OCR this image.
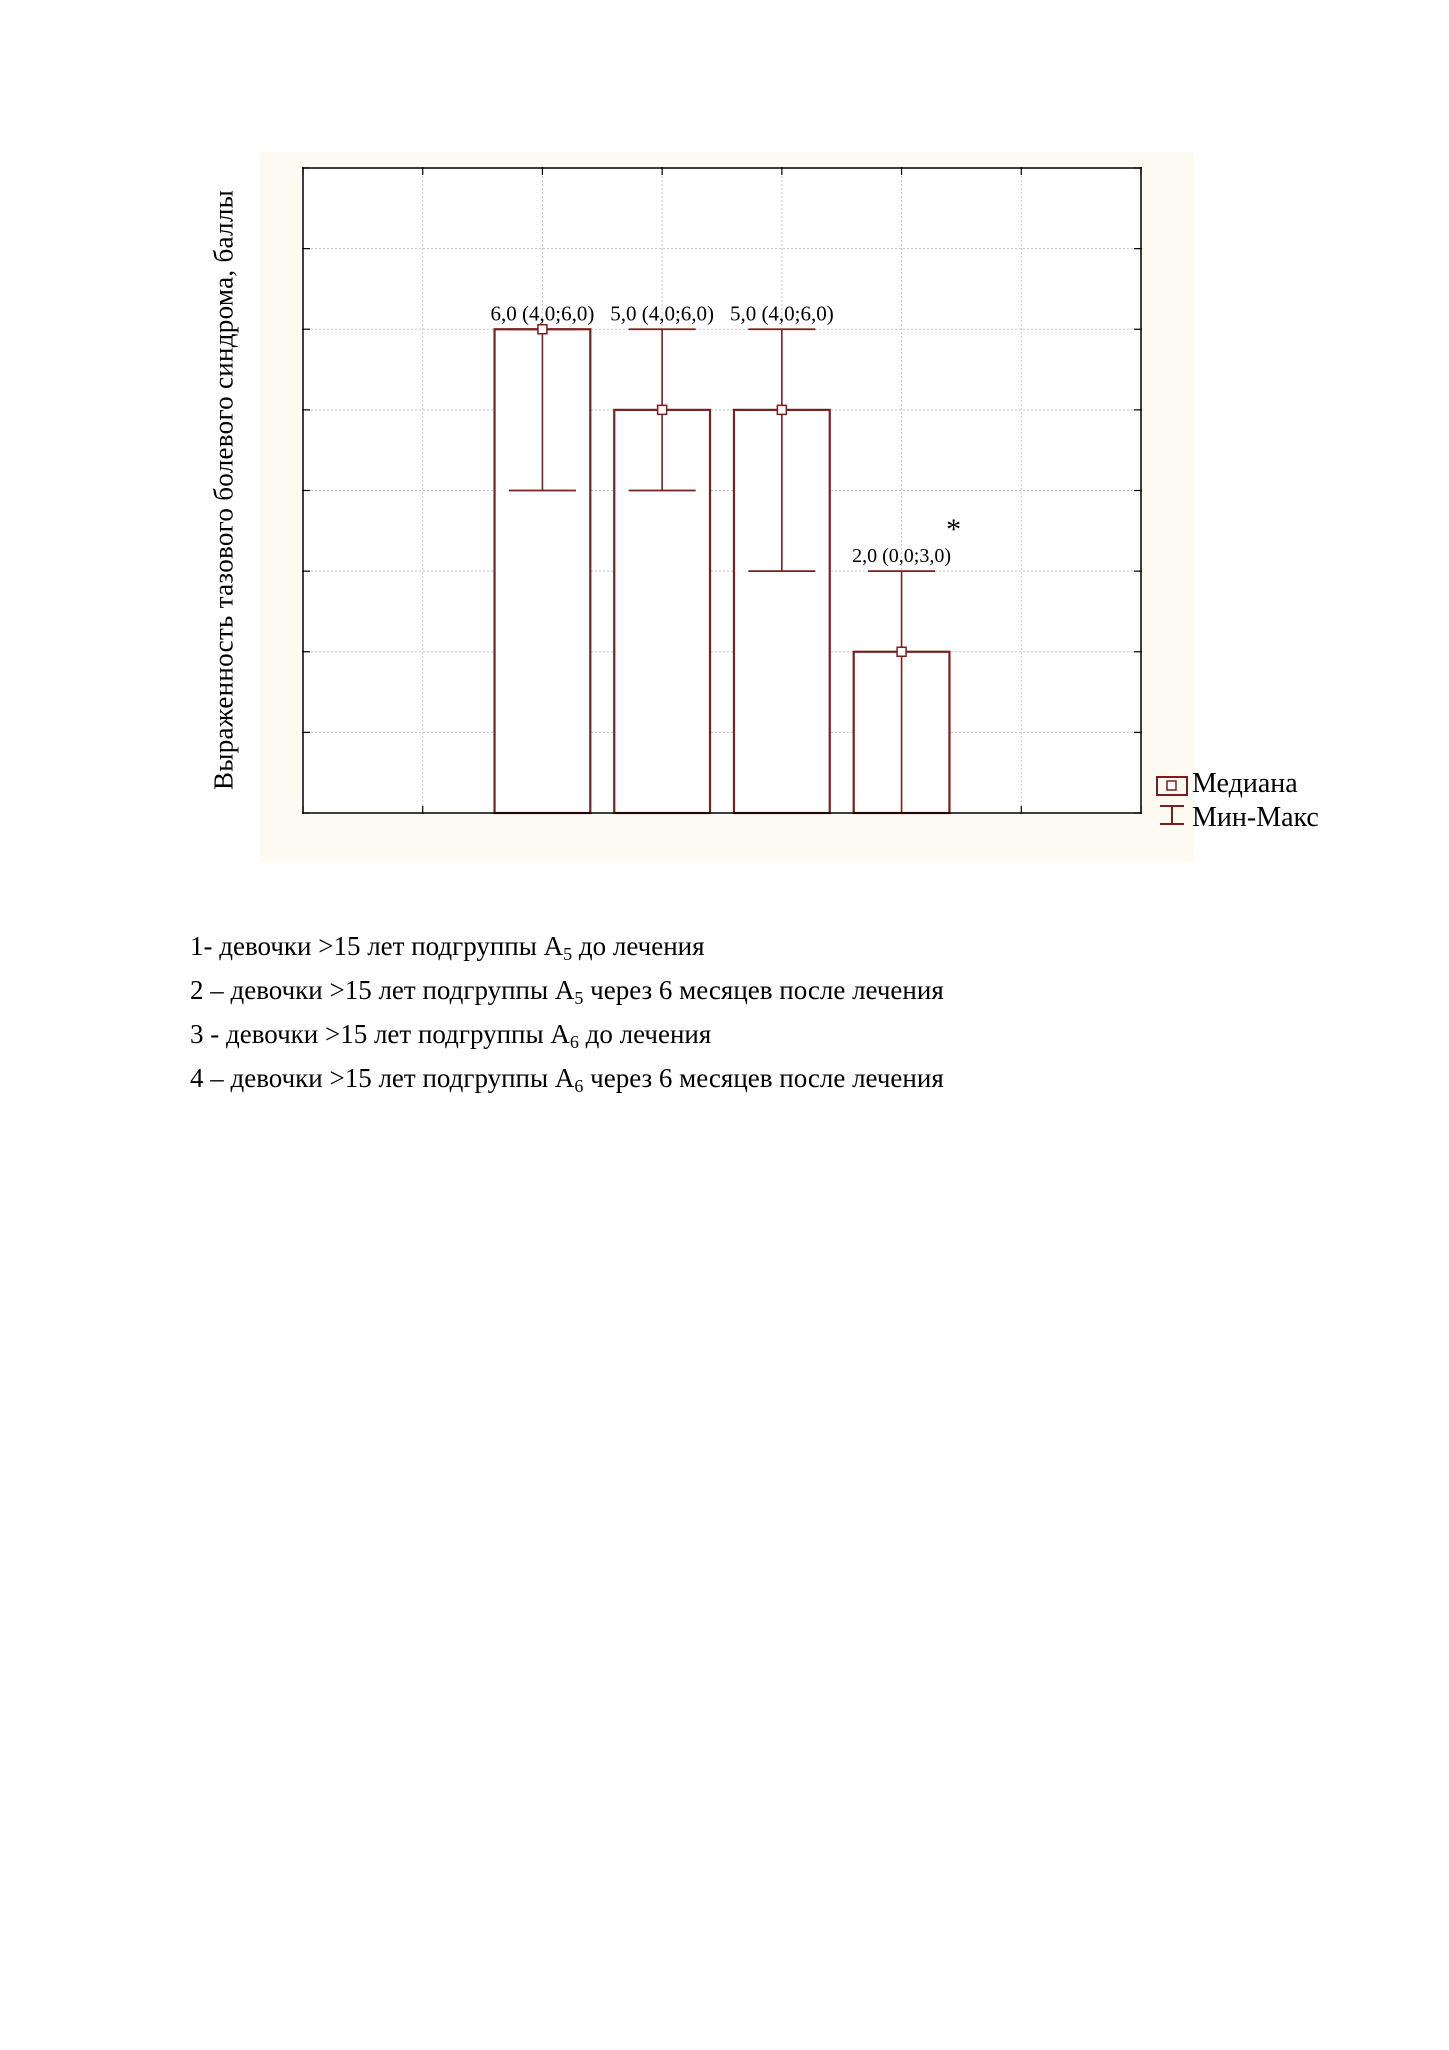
6,0 (4,0;6,0) 5,0 (4,0;6,0) 5,0 (4,0;6,0)
2,0 (0,0;3,0)
*
Выраженность тазового болевого синдрома, баллы	Медиана
Мин-Макс
1- девочки >15 лет подгруппы $А_5$ до лечения
2 – девочки >15 лет подгруппы $А_5$ через 6 месяцев после лечения
3 - девочки >15 лет подгруппы $А_6$ до лечения
4 – девочки >15 лет подгруппы $А_6$ через 6 месяцев после лечения
